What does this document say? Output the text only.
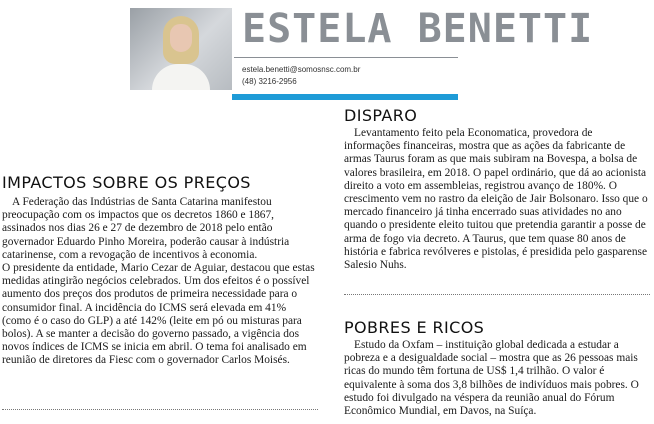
ESTELA BENETTI
estela.benetti@somosnsc.com.br
(48) 3216-2956
IMPACTOS SOBRE OS PREÇOS

A Federação das Indústrias de Santa Catarina manifestou preocupação com os impactos que os decretos 1860 e 1867, assinados nos dias 26 e 27 de dezembro de 2018 pelo então governador Eduardo Pinho Moreira, poderão causar à indústria catarinense, com a revogação de incentivos à economia.

O presidente da entidade, Mario Cezar de Aguiar, destacou que estas medidas atingirão negócios celebrados. Um dos efeitos é o possível aumento dos preços dos produtos de primeira necessidade para o consumidor final. A incidência do ICMS será elevada em 41% (como é o caso do GLP) a até 142% (leite em pó ou misturas para bolos). A se manter a decisão do governo passado, a vigência dos novos índices de ICMS se inicia em abril. O tema foi analisado em reunião de diretores da Fiesc com o governador Carlos Moisés.

DISPARO

Levantamento feito pela Economatica, provedora de informações financeiras, mostra que as ações da fabricante de armas Taurus foram as que mais subiram na Bovespa, a bolsa de valores brasileira, em 2018. O papel ordinário, que dá ao acionista direito a voto em assembleias, registrou avanço de 180%. O crescimento vem no rastro da eleição de Jair Bolsonaro. Isso que o mercado financeiro já tinha encerrado suas atividades no ano quando o presidente eleito tuitou que pretendia garantir a posse de arma de fogo via decreto. A Taurus, que tem quase 80 anos de história e fabrica revólveres e pistolas, é presidida pelo gasparense Salesio Nuhs.

POBRES E RICOS

Estudo da Oxfam – instituição global dedicada a estudar a pobreza e a desigualdade social – mostra que as 26 pessoas mais ricas do mundo têm fortuna de US$ 1,4 trilhão. O valor é equivalente à soma dos 3,8 bilhões de indivíduos mais pobres. O estudo foi divulgado na véspera da reunião anual do Fórum Econômico Mundial, em Davos, na Suíça.
